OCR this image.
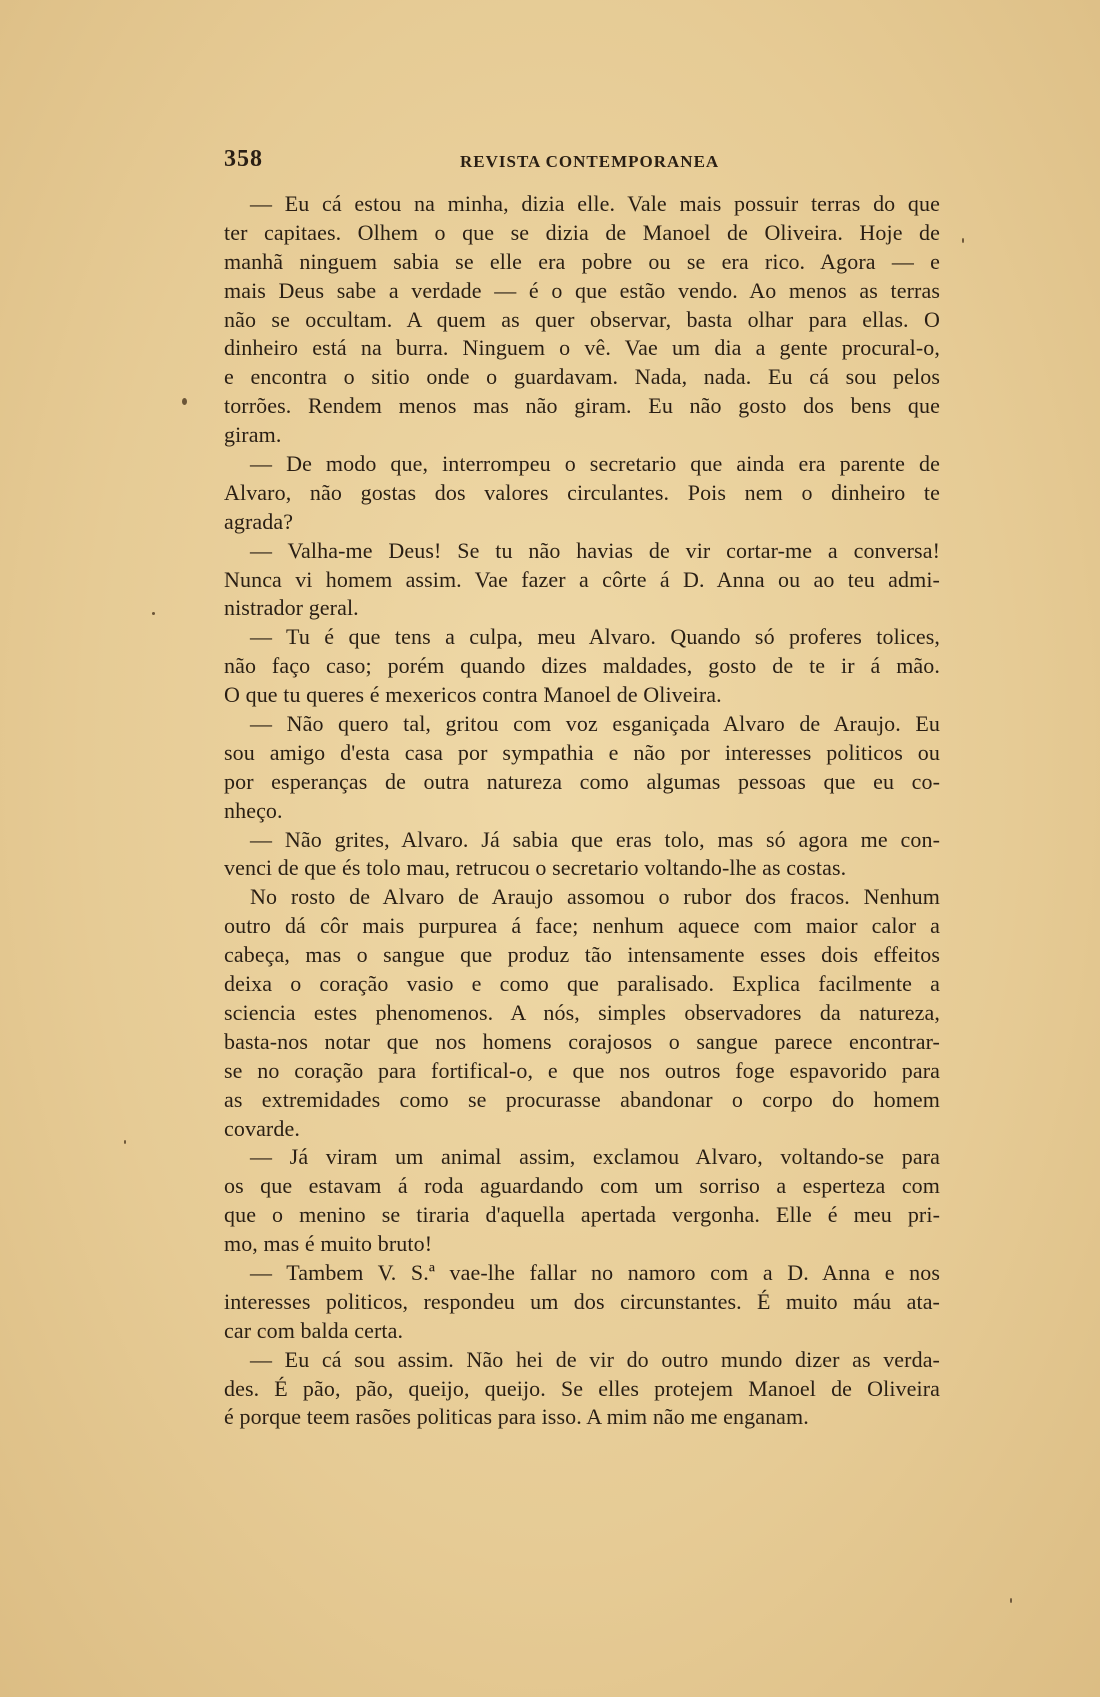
358	REVISTA CONTEMPORANEA
— Eu cá estou na minha, dizia elle. Vale mais possuir terras do que
ter capitaes. Olhem o que se dizia de Manoel de Oliveira. Hoje de
manhã ninguem sabia se elle era pobre ou se era rico. Agora — e
mais Deus sabe a verdade — é o que estão vendo. Ao menos as terras
não se occultam. A quem as quer observar, basta olhar para ellas. O
dinheiro está na burra. Ninguem o vê. Vae um dia a gente procural-o,
e encontra o sitio onde o guardavam. Nada, nada. Eu cá sou pelos
torrões. Rendem menos mas não giram. Eu não gosto dos bens que
giram.
— De modo que, interrompeu o secretario que ainda era parente de
Alvaro, não gostas dos valores circulantes. Pois nem o dinheiro te
agrada?
— Valha-me Deus! Se tu não havias de vir cortar-me a conversa!
Nunca vi homem assim. Vae fazer a côrte á D. Anna ou ao teu admi-
nistrador geral.
— Tu é que tens a culpa, meu Alvaro. Quando só proferes tolices,
não faço caso; porém quando dizes maldades, gosto de te ir á mão.
O que tu queres é mexericos contra Manoel de Oliveira.
— Não quero tal, gritou com voz esganiçada Alvaro de Araujo. Eu
sou amigo d'esta casa por sympathia e não por interesses politicos ou
por esperanças de outra natureza como algumas pessoas que eu co-
nheço.
— Não grites, Alvaro. Já sabia que eras tolo, mas só agora me con-
venci de que és tolo mau, retrucou o secretario voltando-lhe as costas.
No rosto de Alvaro de Araujo assomou o rubor dos fracos. Nenhum
outro dá côr mais purpurea á face; nenhum aquece com maior calor a
cabeça, mas o sangue que produz tão intensamente esses dois effeitos
deixa o coração vasio e como que paralisado. Explica facilmente a
sciencia estes phenomenos. A nós, simples observadores da natureza,
basta-nos notar que nos homens corajosos o sangue parece encontrar-
se no coração para fortifical-o, e que nos outros foge espavorido para
as extremidades como se procurasse abandonar o corpo do homem
covarde.
— Já viram um animal assim, exclamou Alvaro, voltando-se para
os que estavam á roda aguardando com um sorriso a esperteza com
que o menino se tiraria d'aquella apertada vergonha. Elle é meu pri-
mo, mas é muito bruto!
— Tambem V. S.ª vae-lhe fallar no namoro com a D. Anna e nos
interesses politicos, respondeu um dos circunstantes. É muito máu ata-
car com balda certa.
— Eu cá sou assim. Não hei de vir do outro mundo dizer as verda-
des. É pão, pão, queijo, queijo. Se elles protejem Manoel de Oliveira
é porque teem rasões politicas para isso. A mim não me enganam.
